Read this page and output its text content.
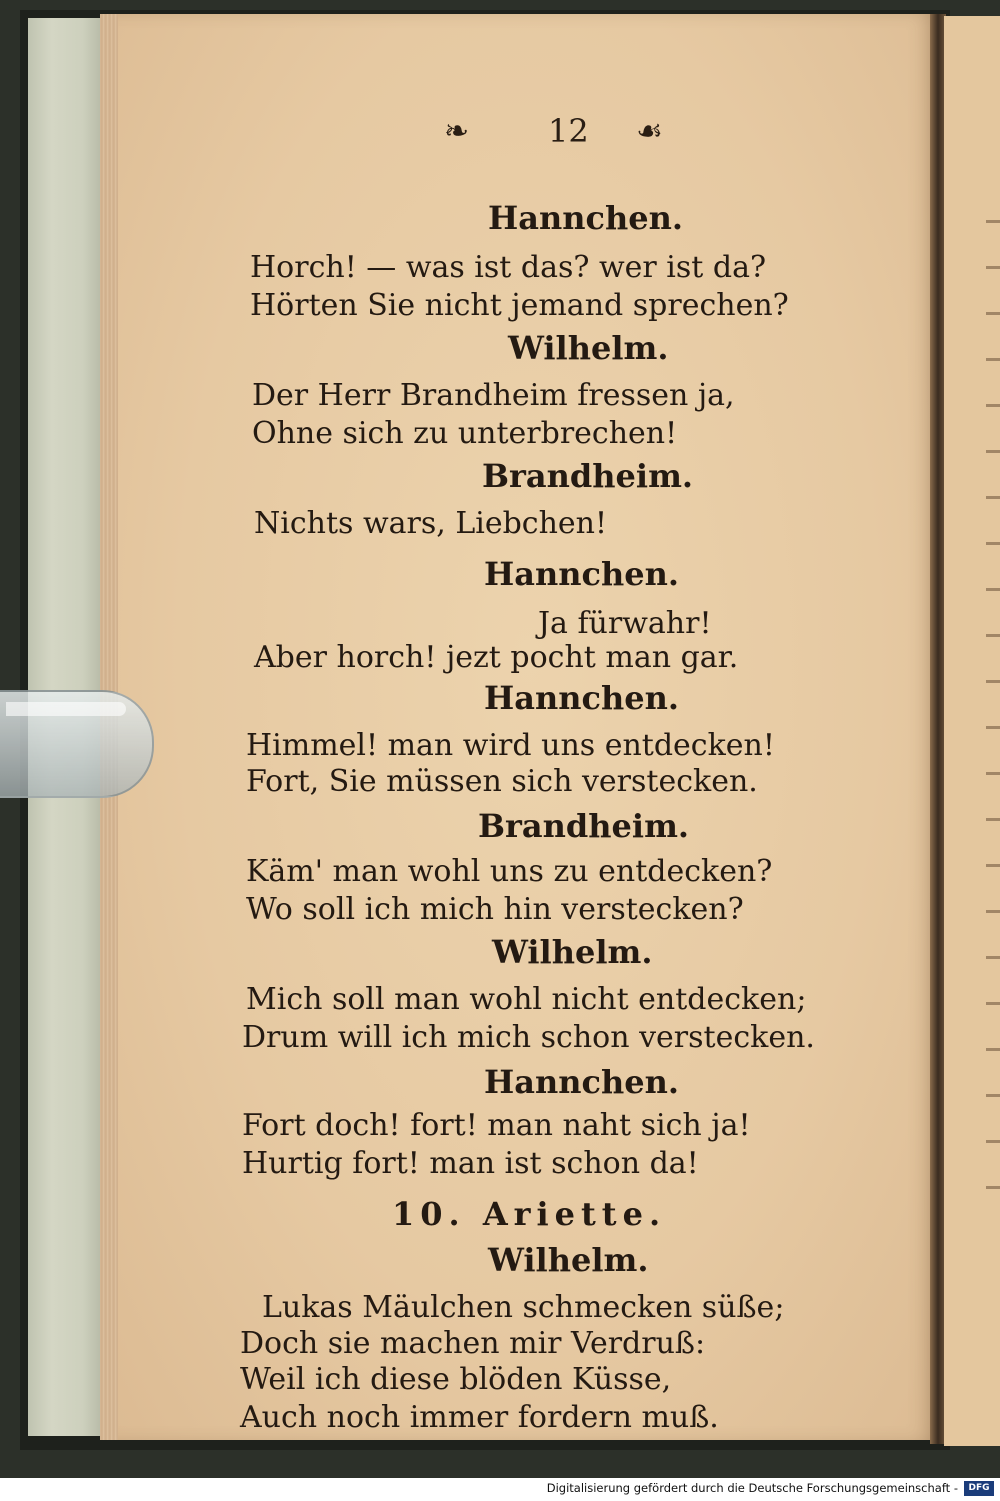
❧	12 ☙
Hannchen.
Horch! — was ist das? wer ist da?
Hörten Sie nicht jemand sprechen?
Wilhelm.
Der Herr Brandheim fressen ja,
Ohne sich zu unterbrechen!
Brandheim.
Nichts wars, Liebchen!
Hannchen.
Ja fürwahr!
Aber horch! jezt pocht man gar.
Hannchen.
Himmel! man wird uns entdecken!
Fort, Sie müssen sich verstecken.
Brandheim.
Käm' man wohl uns zu entdecken?
Wo soll ich mich hin verstecken?
Wilhelm.
Mich soll man wohl nicht entdecken;
Drum will ich mich schon verstecken.
Hannchen.
Fort doch! fort! man naht sich ja!
Hurtig fort! man ist schon da!
10. Ariette.
Wilhelm.
Lukas Mäulchen schmecken süße;
Doch sie machen mir Verdruß:
Weil ich diese blöden Küsse,
Auch noch immer fordern muß.
Digitalisierung gefördert durch die Deutsche Forschungsgemeinschaft -	DFG
